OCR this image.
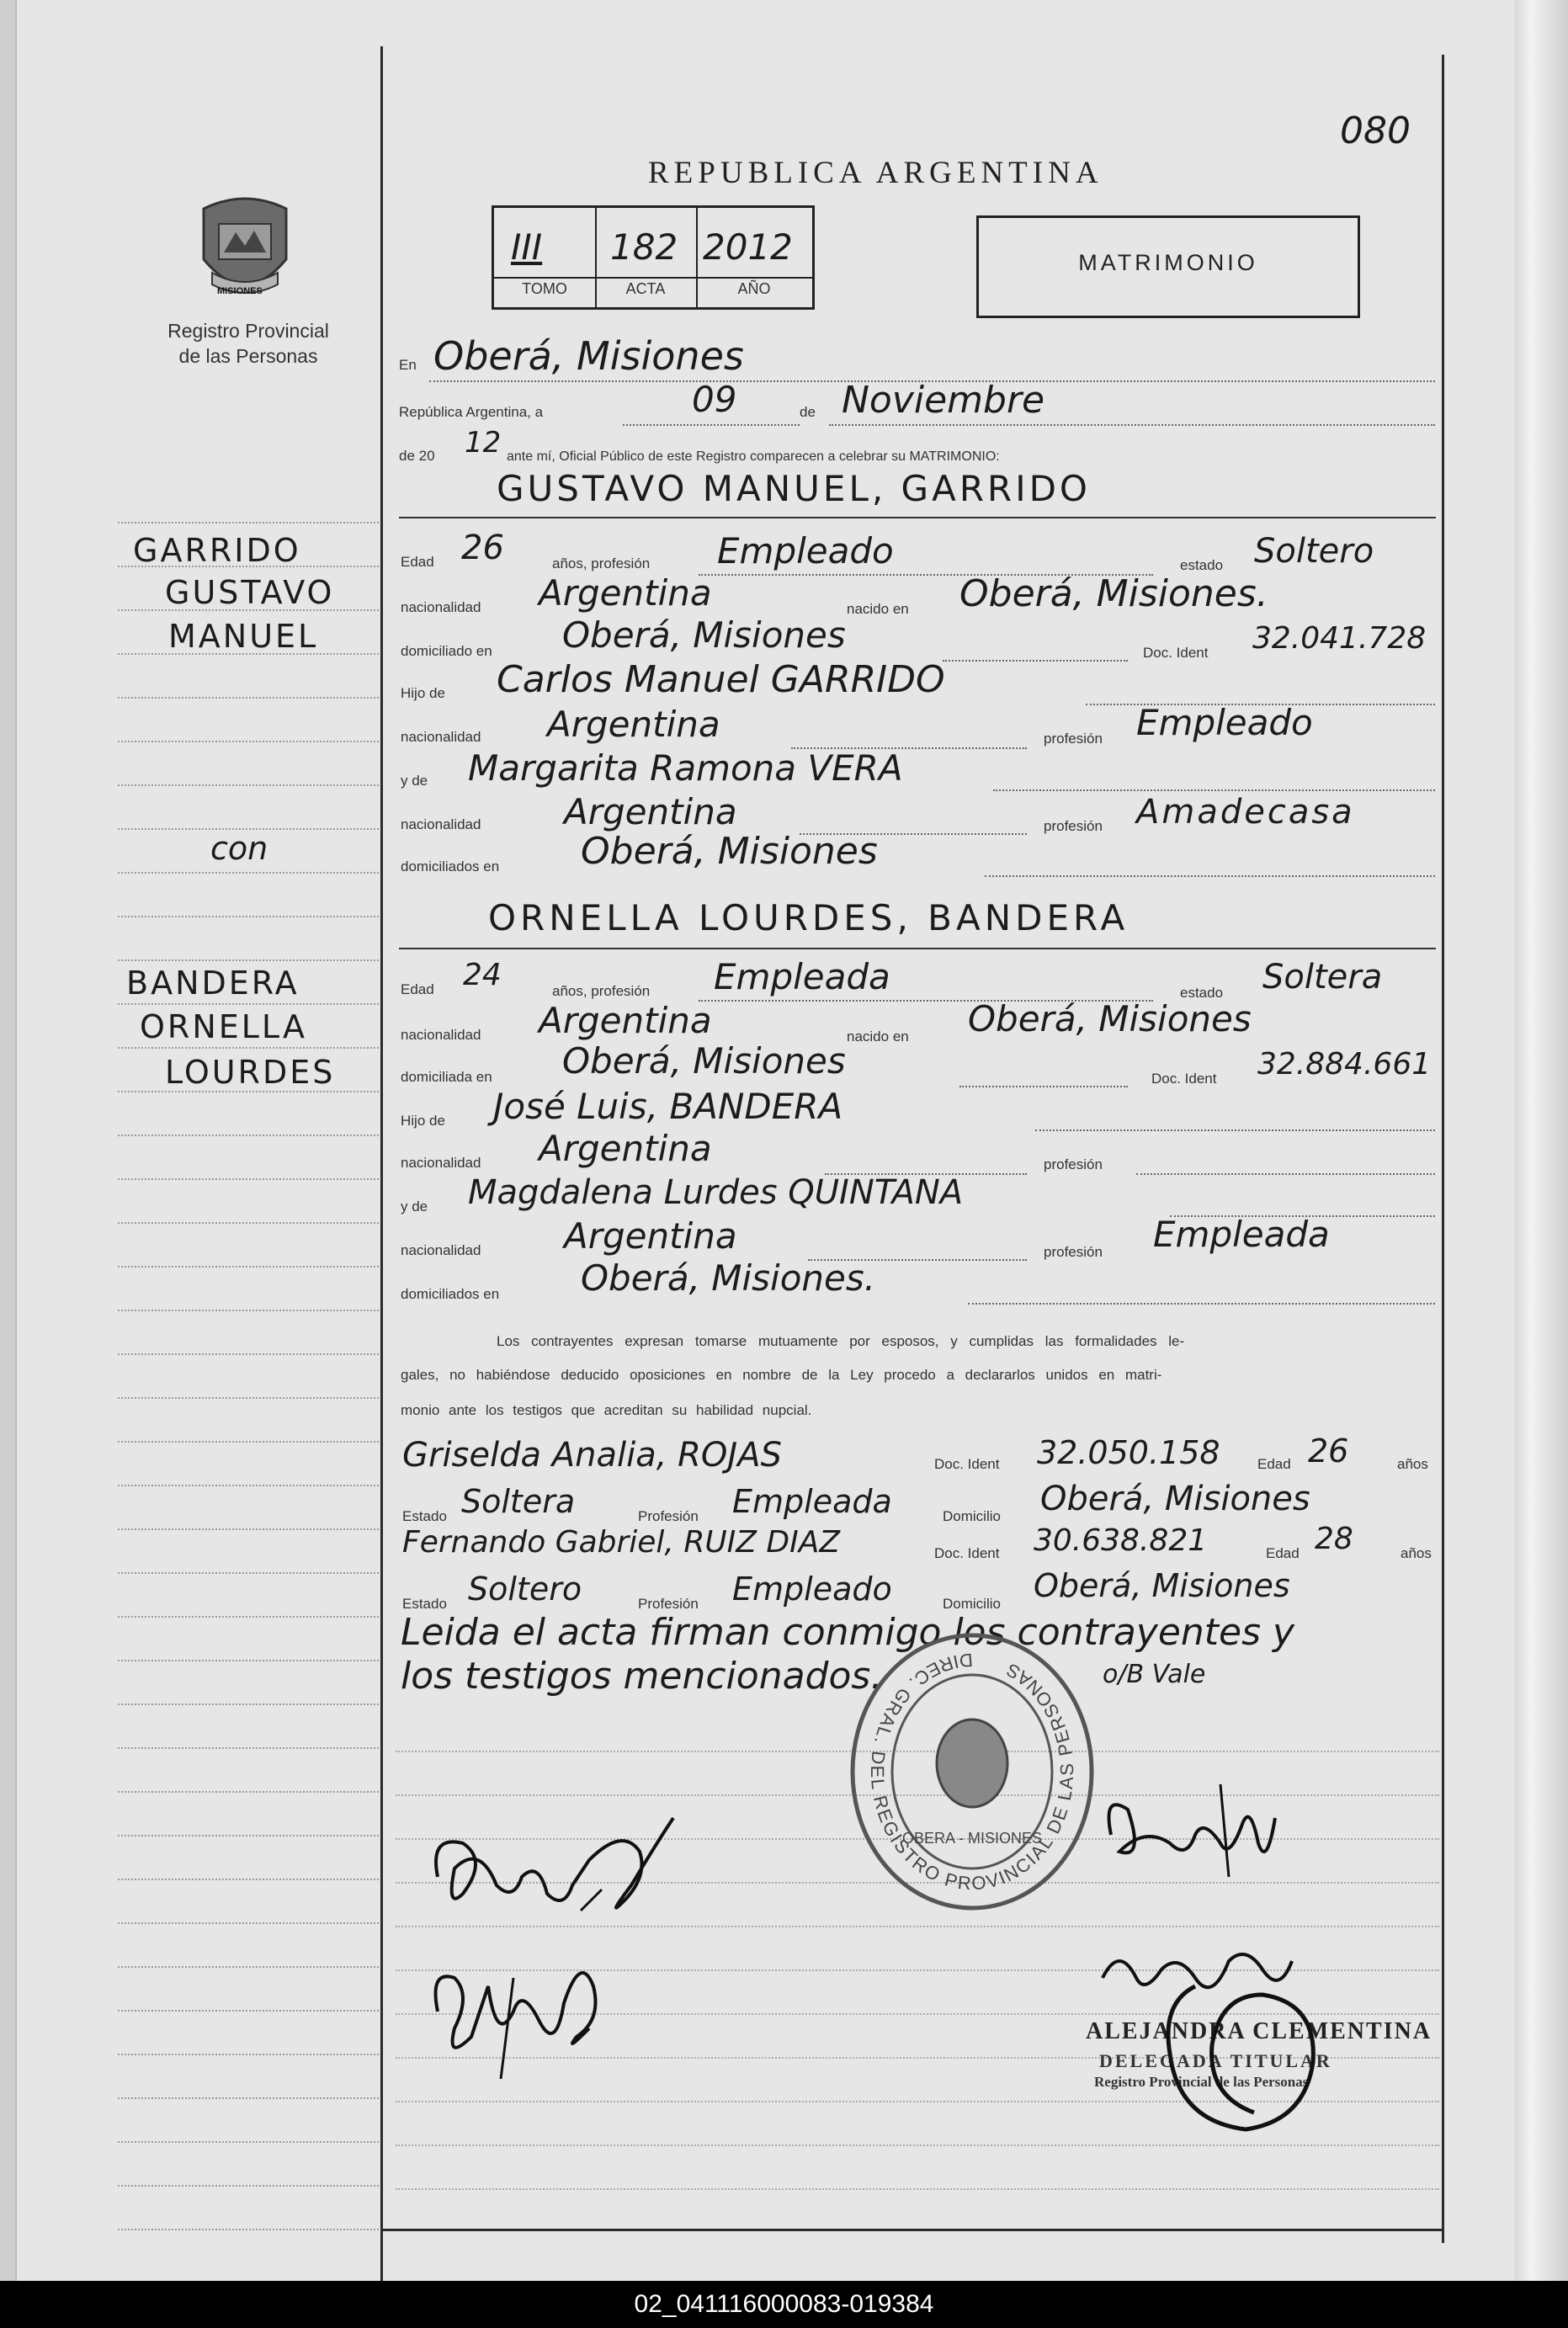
080
REPUBLICA ARGENTINA
MISIONES
Registro Provincial
de las Personas
III 182 2012
TOMO	ACTA	AÑO
MATRIMONIO
En Oberá, Misiones
República Argentina, a	09	de Noviembre
de 20 12 ante mí, Oficial Público de este Registro comparecen a celebrar su MATRIMONIO:
GUSTAVO MANUEL, GARRIDO
Edad 26	años, profesión Empleado	estado Soltero
nacionalidad Argentina	nacido en Oberá, Misiones.
domiciliado en Oberá, Misiones	Doc. Ident 32.041.728
Hijo de Carlos Manuel GARRIDO
nacionalidad Argentina	profesión Empleado
y de Margarita Ramona VERA
nacionalidad Argentina	profesión Amadecasa
domiciliados en Oberá, Misiones
ORNELLA LOURDES, BANDERA
Edad 24	años, profesión Empleada	estado Soltera
nacionalidad Argentina	nacido en Oberá, Misiones
domiciliada en Oberá, Misiones	Doc. Ident 32.884.661
Hijo de José Luis, BANDERA
nacionalidad Argentina	profesión
y de Magdalena Lurdes QUINTANA
nacionalidad Argentina	profesión Empleada
domiciliados en Oberá, Misiones.
Los contrayentes expresan tomarse mutuamente por esposos, y cumplidas las formalidades le-
gales, no habiéndose deducido oposiciones en nombre de la Ley procedo a declararlos unidos en matri-
monio ante los testigos que acreditan su habilidad nupcial.
Griselda Analia, ROJAS	Doc. Ident 32.050.158	Edad 26	años
Estado Soltera	Profesión Empleada	Domicilio Oberá, Misiones
Fernando Gabriel, RUIZ DIAZ	Doc. Ident 30.638.821	Edad 28	años
Estado Soltero	Profesión Empleado	Domicilio Oberá, Misiones
Leida el acta firman conmigo los contrayentes y
los testigos mencionados.	o/B Vale
GARRIDO
GUSTAVO
MANUEL
con
BANDERA
ORNELLA
LOURDES
DIREC. GRAL. DEL REGISTRO PROVINCIAL DE LAS PERSONAS
OBERA - MISIONES
ALEJANDRA CLEMENTINA
DELEGADA TITULAR
Registro Provincial de las Personas
02_041116000083-019384
